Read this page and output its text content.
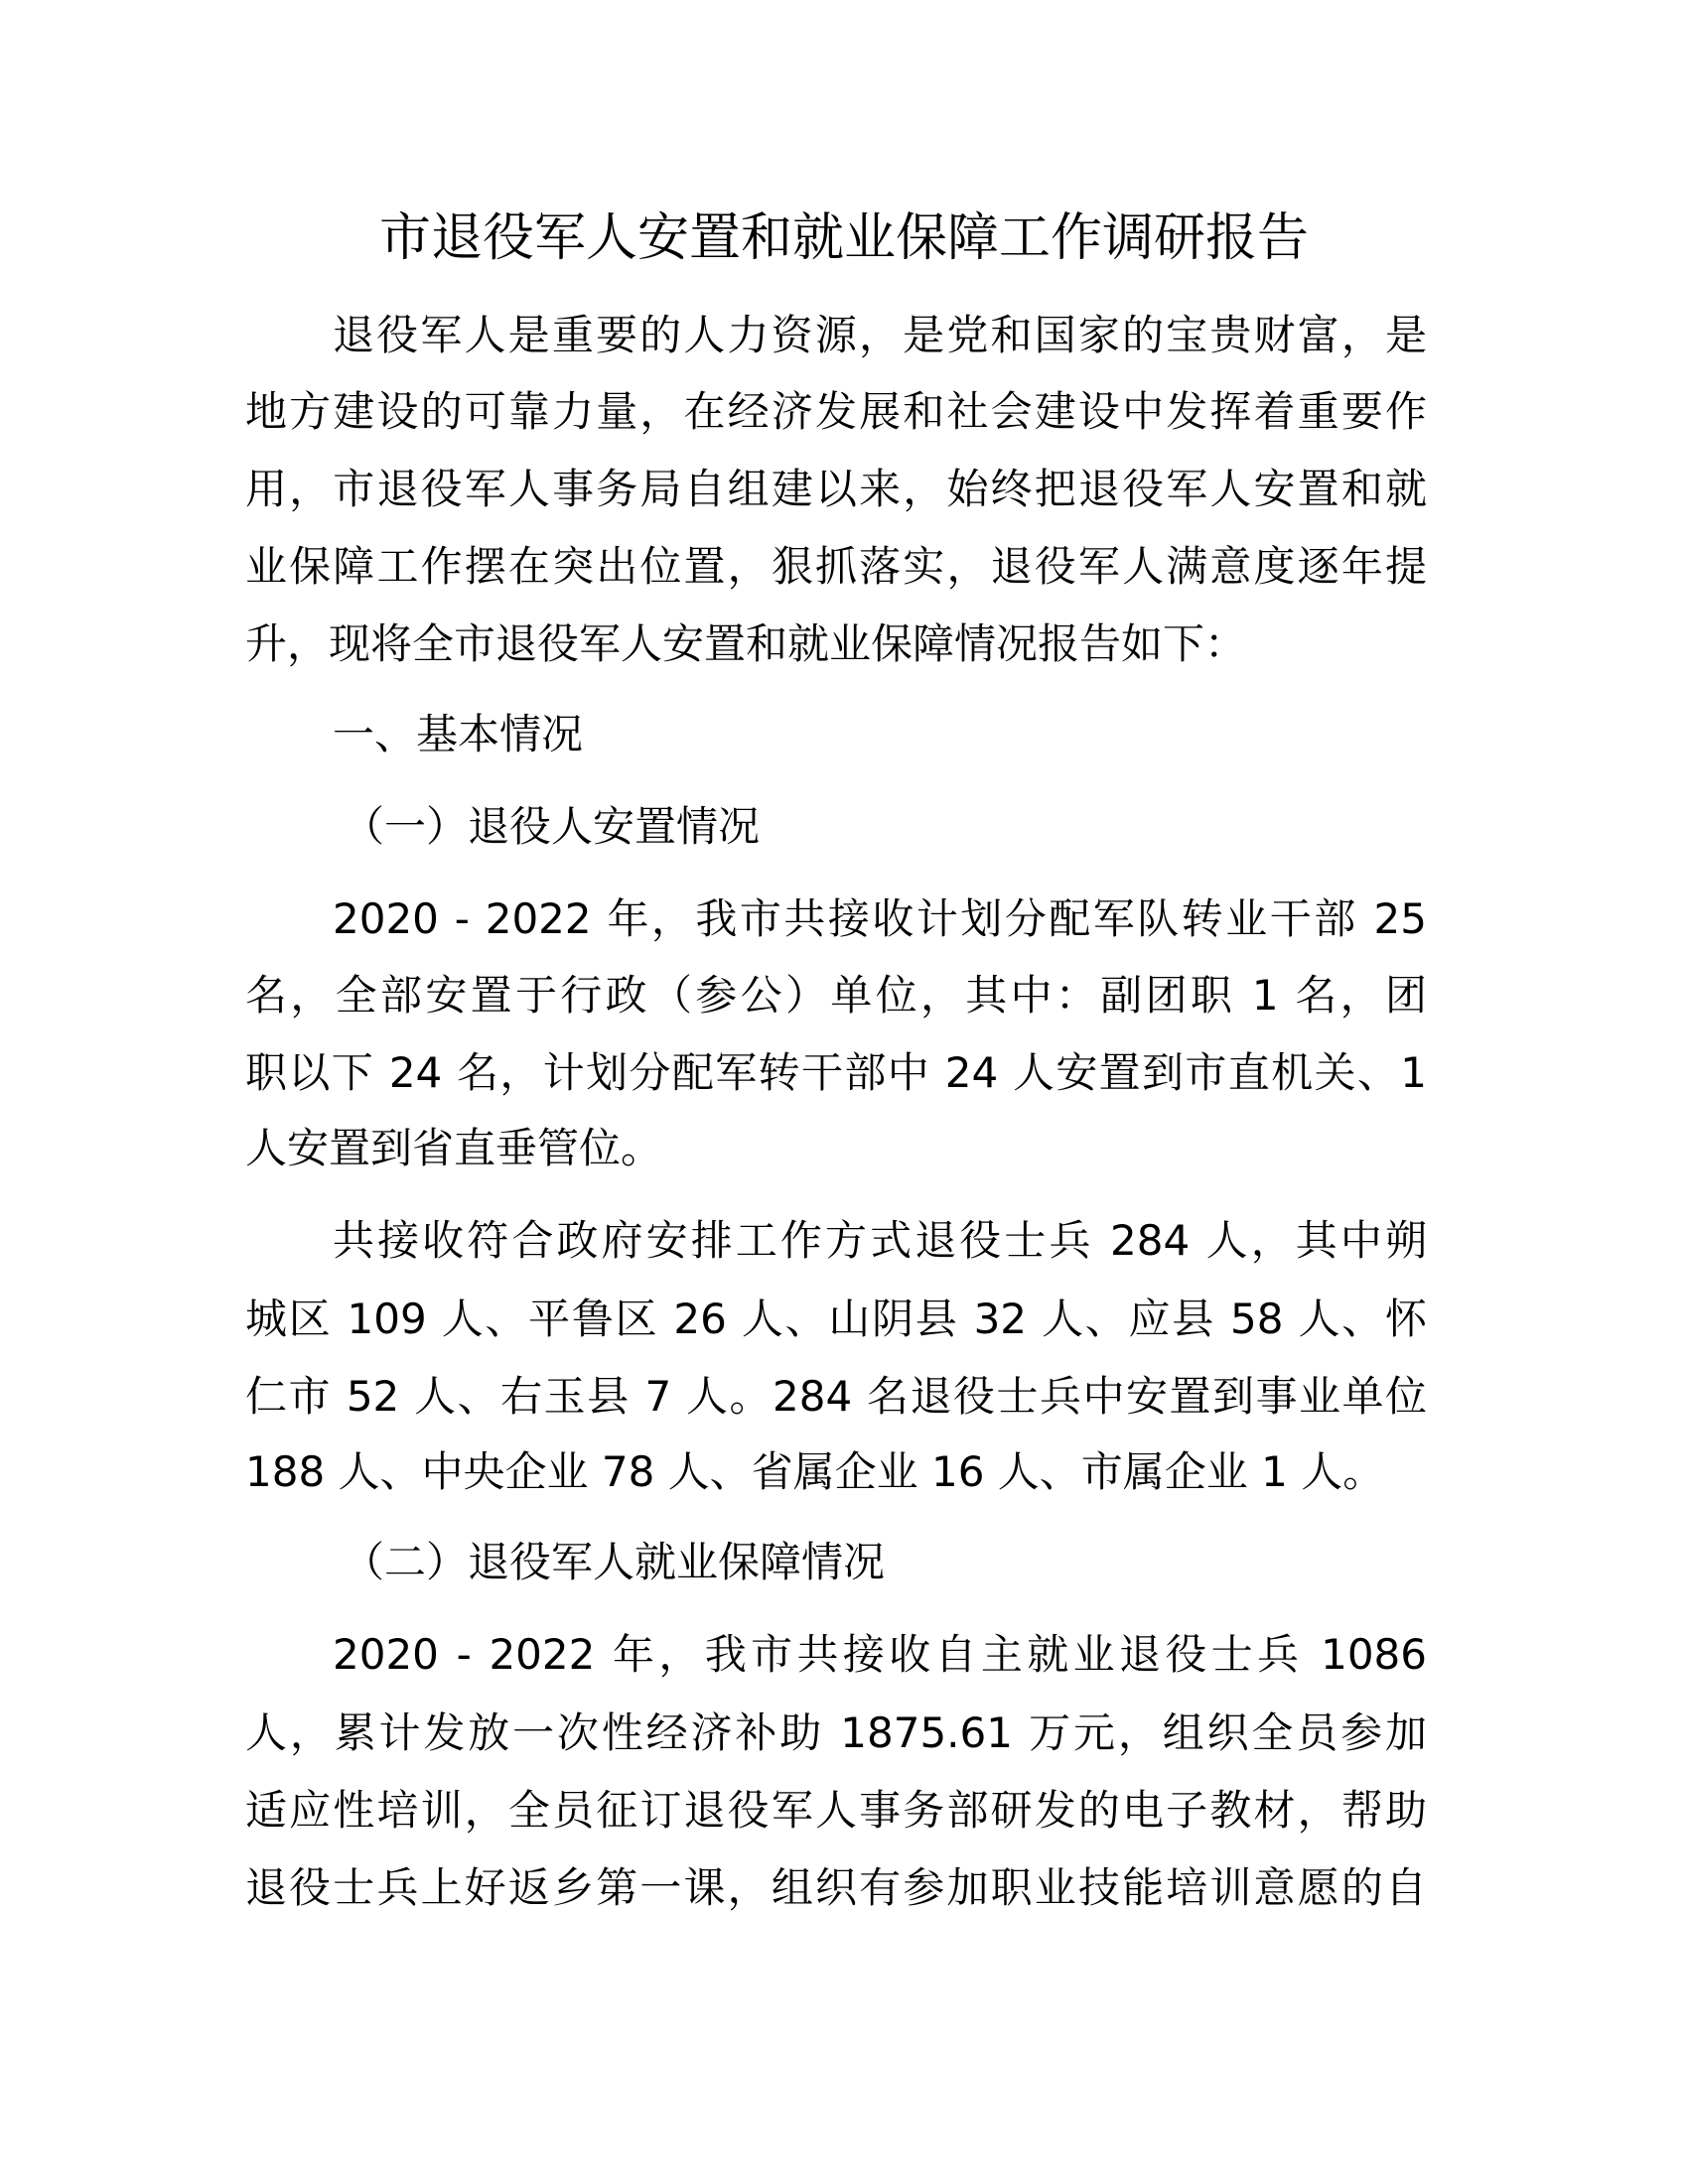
市退役军人安置和就业保障工作调研报告
退役军人是重要的人力资源，是党和国家的宝贵财富，是
地方建设的可靠力量，在经济发展和社会建设中发挥着重要作
用，市退役军人事务局自组建以来，始终把退役军人安置和就
业保障工作摆在突出位置，狠抓落实，退役军人满意度逐年提
升，现将全市退役军人安置和就业保障情况报告如下：
一、基本情况
（一）退役人安置情况
2020 - 2022 年，我市共接收计划分配军队转业干部 25
名，全部安置于行政（参公）单位，其中：副团职 1 名，团
职以下 24 名，计划分配军转干部中 24 人安置到市直机关、1
人安置到省直垂管位。
共接收符合政府安排工作方式退役士兵 284 人，其中朔
城区 109 人、平鲁区 26 人、山阴县 32 人、应县 58 人、怀
仁市 52 人、右玉县 7 人。284 名退役士兵中安置到事业单位
188 人、中央企业 78 人、省属企业 16 人、市属企业 1 人。
（二）退役军人就业保障情况
2020 - 2022 年，我市共接收自主就业退役士兵 1086
人，累计发放一次性经济补助 1875.61 万元，组织全员参加
适应性培训，全员征订退役军人事务部研发的电子教材，帮助
退役士兵上好返乡第一课，组织有参加职业技能培训意愿的自
